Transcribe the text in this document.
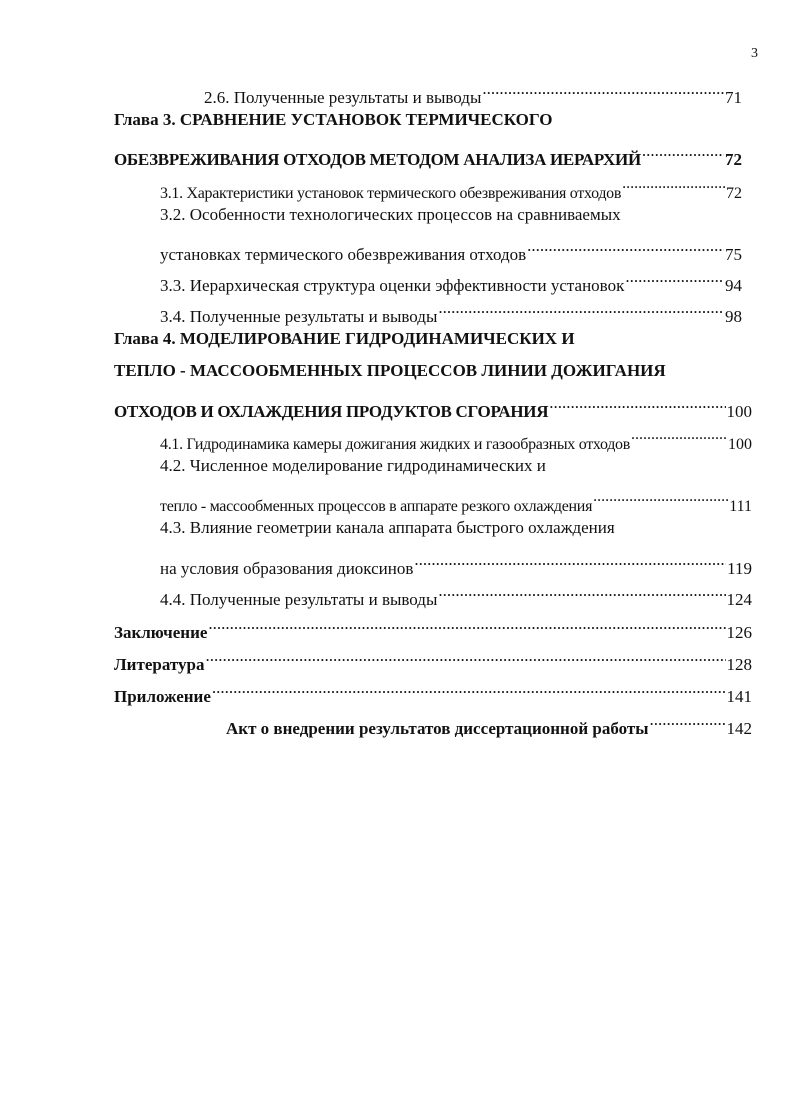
3
2.6. Полученные результаты и выводы .....	71
Глава 3. СРАВНЕНИЕ УСТАНОВОК ТЕРМИЧЕСКОГО
ОБЕЗВРЕЖИВАНИЯ ОТХОДОВ МЕТОДОМ АНАЛИЗА ИЕРАРХИЙ .....	72
3.1. Характеристики установок термического обезвреживания отходов .....	72
3.2. Особенности технологических процессов на сравниваемых
установках термического обезвреживания отходов .....	75
3.3. Иерархическая структура оценки эффективности установок .....	94
3.4. Полученные результаты и выводы .....	98
Глава 4. МОДЕЛИРОВАНИЕ ГИДРОДИНАМИЧЕСКИХ И
ТЕПЛО - МАССООБМЕННЫХ ПРОЦЕССОВ ЛИНИИ ДОЖИГАНИЯ
ОТХОДОВ И ОХЛАЖДЕНИЯ ПРОДУКТОВ СГОРАНИЯ .....	100
4.1. Гидродинамика камеры дожигания жидких и газообразных отходов .....	100
4.2. Численное моделирование гидродинамических и
тепло - массообменных процессов в аппарате резкого охлаждения .....	111
4.3. Влияние геометрии канала аппарата быстрого охлаждения
на условия образования диоксинов .....	119
4.4. Полученные результаты и выводы .....	124
Заключение .....	126
Литература .....	128
Приложение .....	141
Акт о внедрении результатов диссертационной работы .....	142
